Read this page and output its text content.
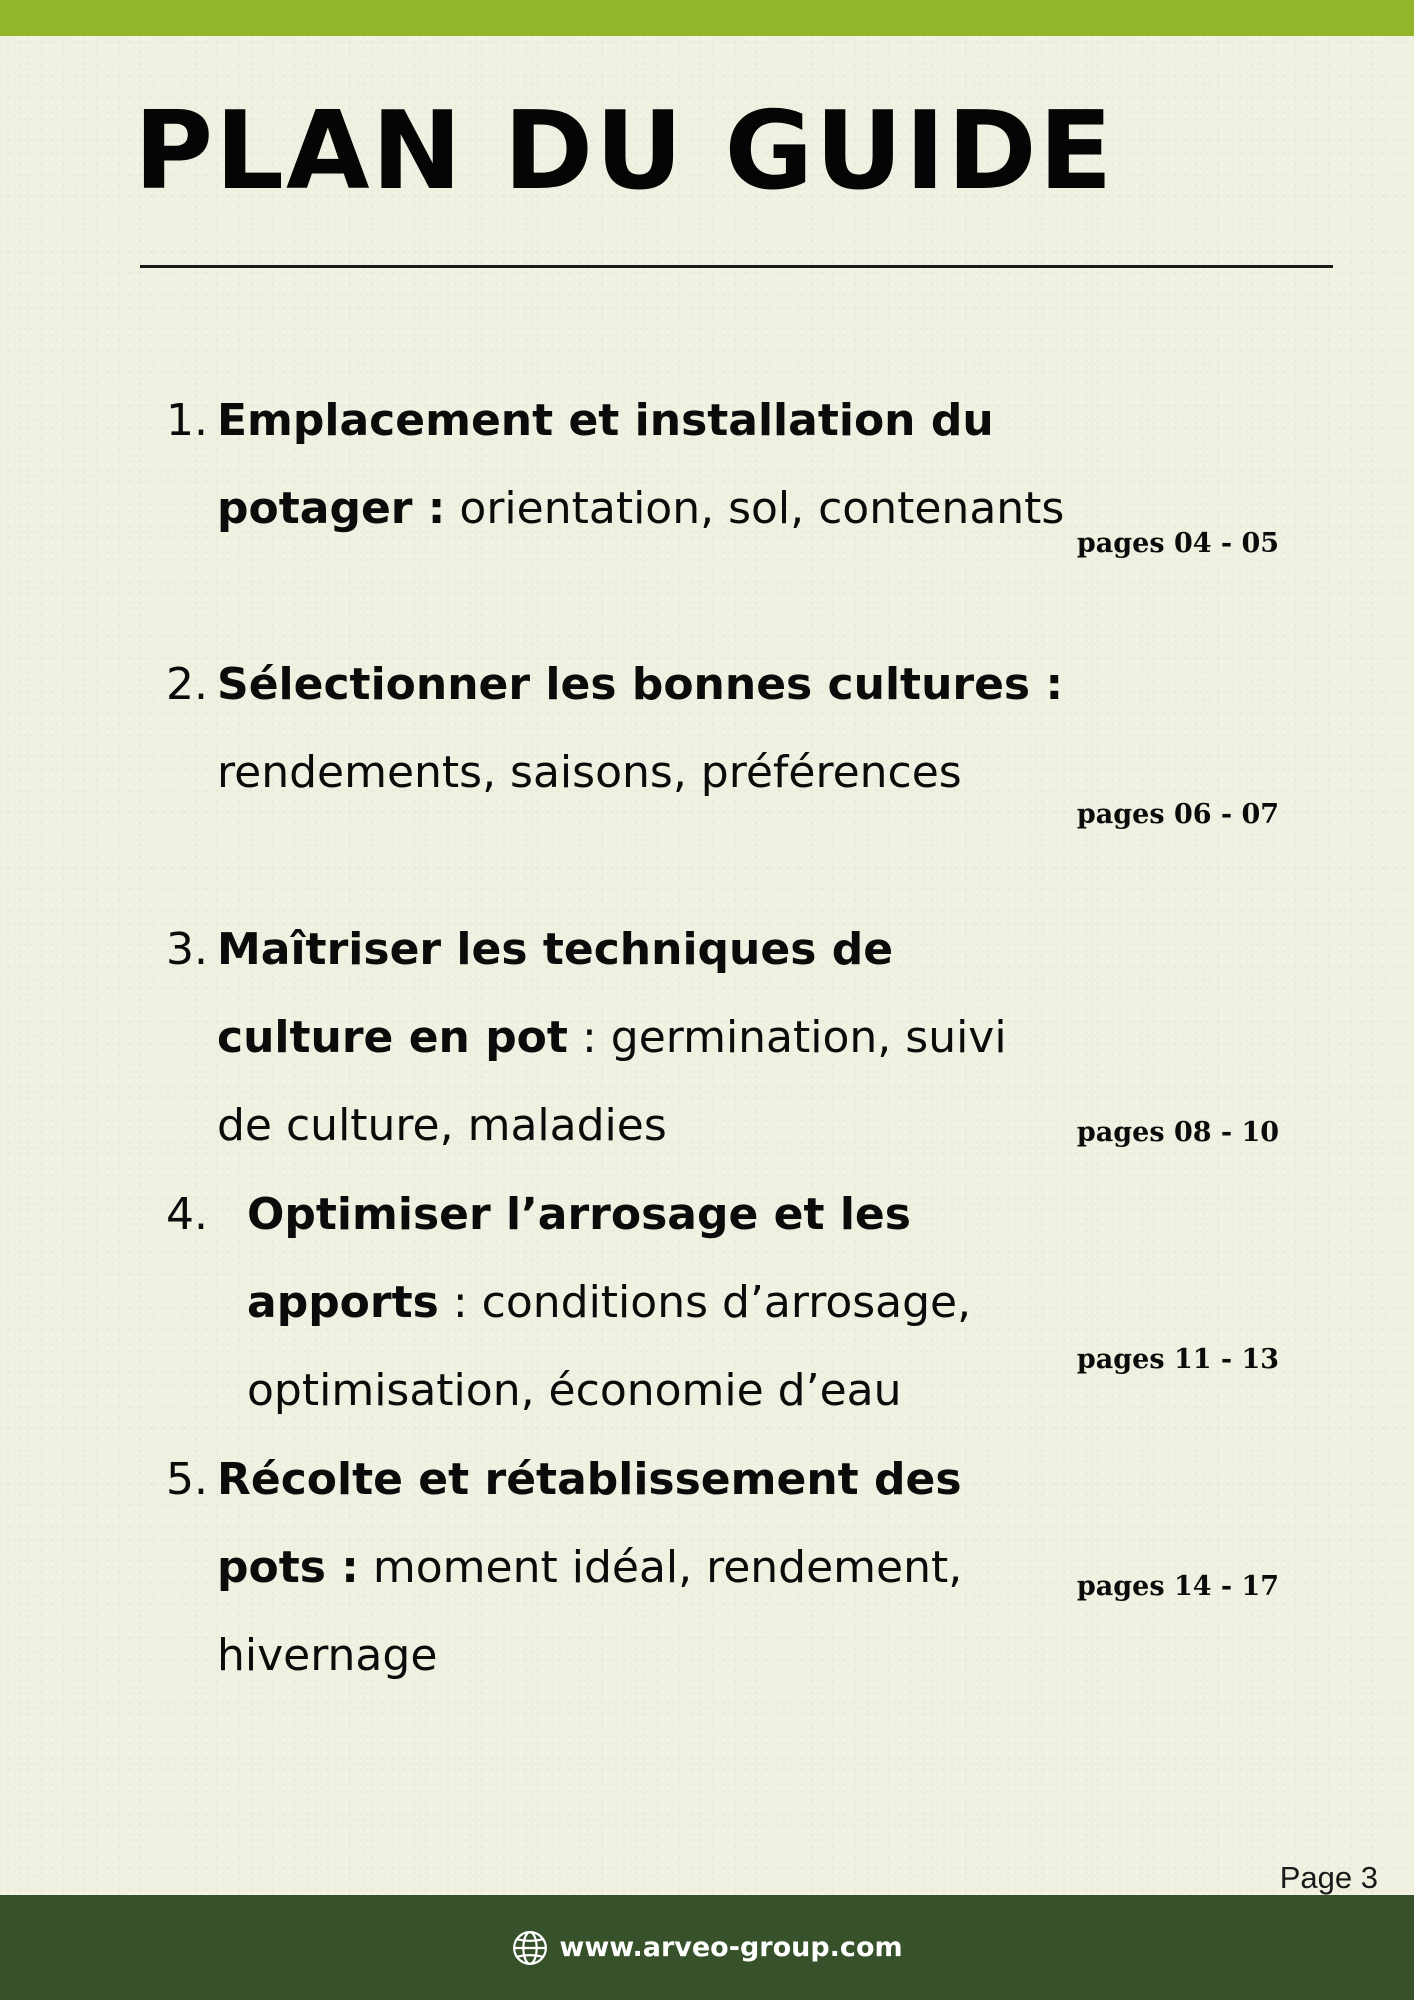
PLAN DU GUIDE
1. Emplacement et installation du potager : orientation, sol, contenants
pages 04 - 05
2. Sélectionner les bonnes cultures : rendements, saisons, préférences
pages 06 - 07
3. Maîtriser les techniques de culture en pot : germination, suivi de culture, maladies	pages 08 - 10
4. Optimiser l’arrosage et les apports : conditions d’arrosage, optimisation, économie d’eau
pages 11 - 13
5. Récolte et rétablissement des pots : moment idéal, rendement, hivernage
pages 14 - 17
Page 3
www.arveo-group.com
